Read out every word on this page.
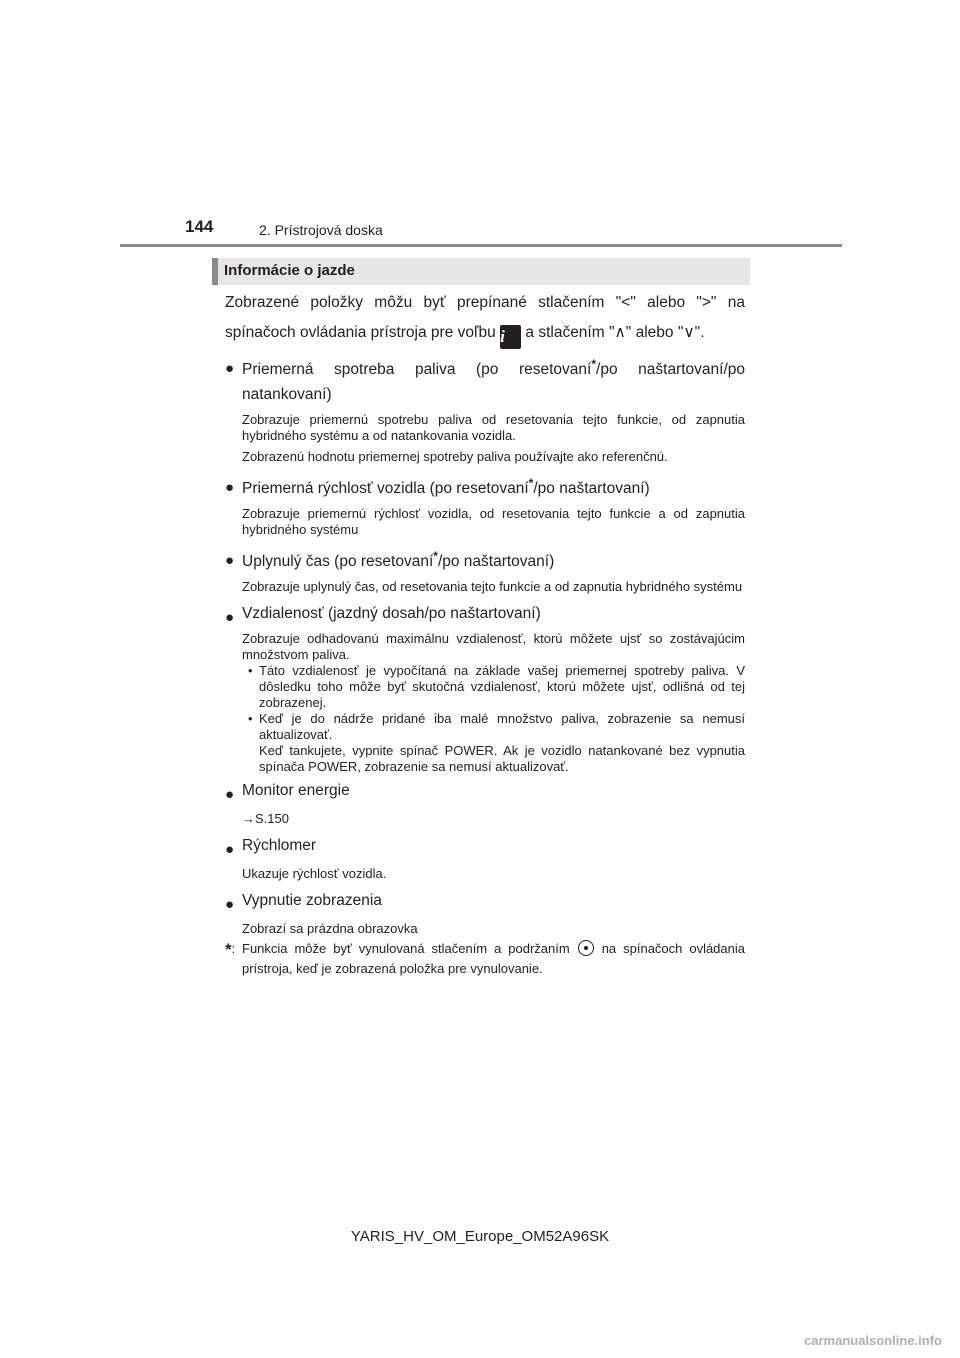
144	2. Prístrojová doska
Informácie o jazde

Zobrazené položky môžu byť prepínané stlačením "<" alebo ">" na spínačoch ovládania prístroja pre voľbu i a stlačením "∧" alebo "∨".

● Priemerná spotreba paliva (po resetovaní*/po naštartovaní/po natankovaní)
Zobrazuje priemernú spotrebu paliva od resetovania tejto funkcie, od zapnutia hybridného systému a od natankovania vozidla.
Zobrazenú hodnotu priemernej spotreby paliva používajte ako referenčnú.
● Priemerná rýchlosť vozidla (po resetovaní*/po naštartovaní)
Zobrazuje priemernú rýchlosť vozidla, od resetovania tejto funkcie a od zapnutia hybridného systému
● Uplynulý čas (po resetovaní*/po naštartovaní)
Zobrazuje uplynulý čas, od resetovania tejto funkcie a od zapnutia hybridného systému
● Vzdialenosť (jazdný dosah/po naštartovaní)
Zobrazuje odhadovanú maximálnu vzdialenosť, ktorú môžete ujsť so zostávajúcim množstvom paliva.
• Táto vzdialenosť je vypočítaná na základe vašej priemernej spotreby paliva. V dôsledku toho môže byť skutočná vzdialenosť, ktorú môžete ujsť, odlišná od tej zobrazenej.
• Keď je do nádrže pridané iba malé množstvo paliva, zobrazenie sa nemusí aktualizovať.
Keď tankujete, vypnite spínač POWER. Ak je vozidlo natankované bez vypnutia spínača POWER, zobrazenie sa nemusí aktualizovať.
● Monitor energie
→S.150
● Rýchlomer
Ukazuje rýchlosť vozidla.
● Vypnutie zobrazenia
Zobrazí sa prázdna obrazovka
*: Funkcia môže byť vynulovaná stlačením a podržaním na spínačoch ovládania prístroja, keď je zobrazená položka pre vynulovanie.
YARIS_HV_OM_Europe_OM52A96SK
carmanualsonline.info
